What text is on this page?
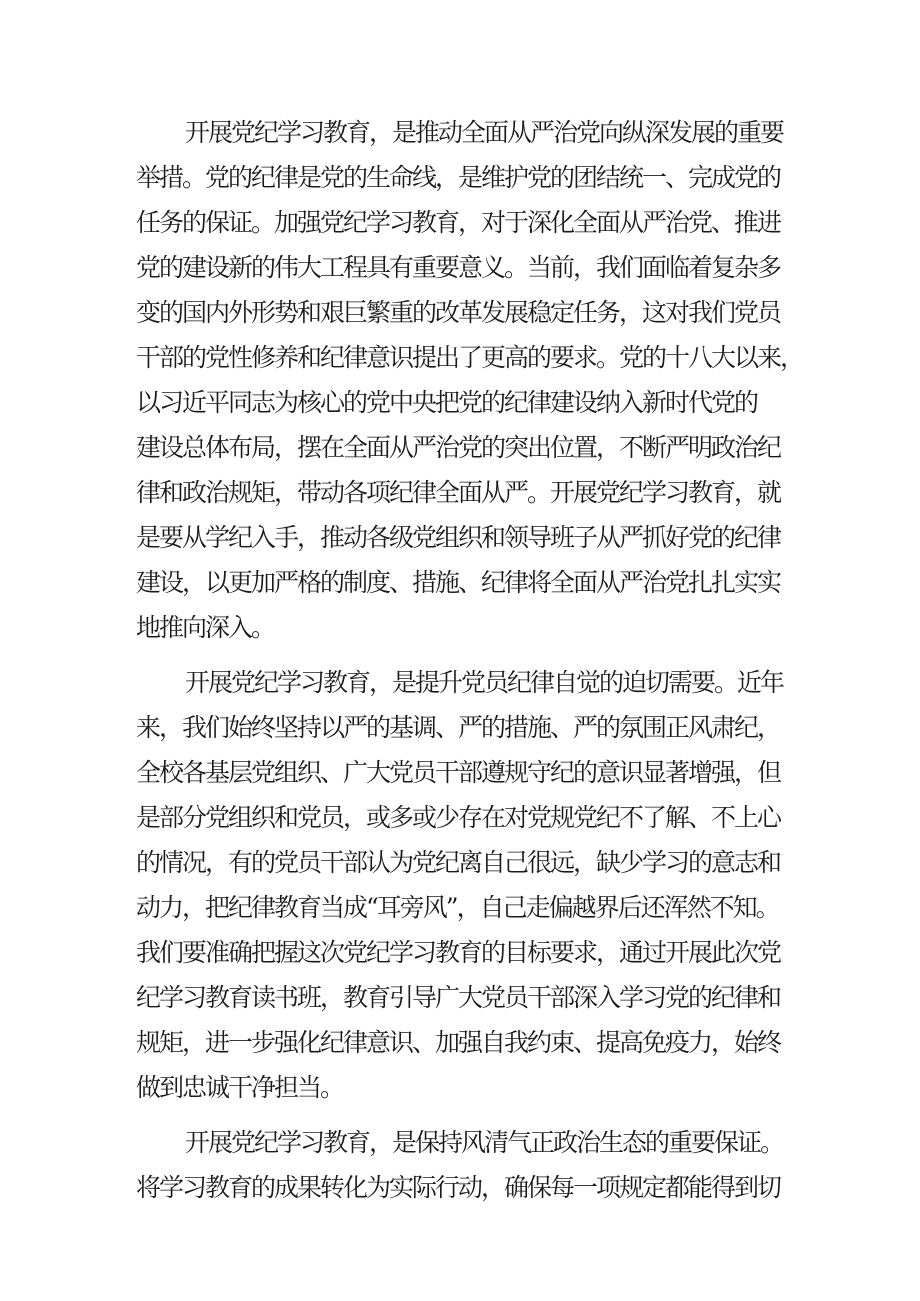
开展党纪学习教育，是推动全面从严治党向纵深发展的重要
举措。党的纪律是党的生命线，是维护党的团结统一、完成党的
任务的保证。加强党纪学习教育，对于深化全面从严治党、推进
党的建设新的伟大工程具有重要意义。当前，我们面临着复杂多
变的国内外形势和艰巨繁重的改革发展稳定任务，这对我们党员
干部的党性修养和纪律意识提出了更高的要求。党的十八大以来，
以习近平同志为核心的党中央把党的纪律建设纳入新时代党的
建设总体布局，摆在全面从严治党的突出位置，不断严明政治纪
律和政治规矩，带动各项纪律全面从严。开展党纪学习教育，就
是要从学纪入手，推动各级党组织和领导班子从严抓好党的纪律
建设，以更加严格的制度、措施、纪律将全面从严治党扎扎实实
地推向深入。
开展党纪学习教育，是提升党员纪律自觉的迫切需要。近年
来，我们始终坚持以严的基调、严的措施、严的氛围正风肃纪，
全校各基层党组织、广大党员干部遵规守纪的意识显著增强，但
是部分党组织和党员，或多或少存在对党规党纪不了解、不上心
的情况，有的党员干部认为党纪离自己很远，缺少学习的意志和
动力，把纪律教育当成“耳旁风”，自己走偏越界后还浑然不知。
我们要准确把握这次党纪学习教育的目标要求，通过开展此次党
纪学习教育读书班，教育引导广大党员干部深入学习党的纪律和
规矩，进一步强化纪律意识、加强自我约束、提高免疫力，始终
做到忠诚干净担当。
开展党纪学习教育，是保持风清气正政治生态的重要保证。
将学习教育的成果转化为实际行动，确保每一项规定都能得到切
